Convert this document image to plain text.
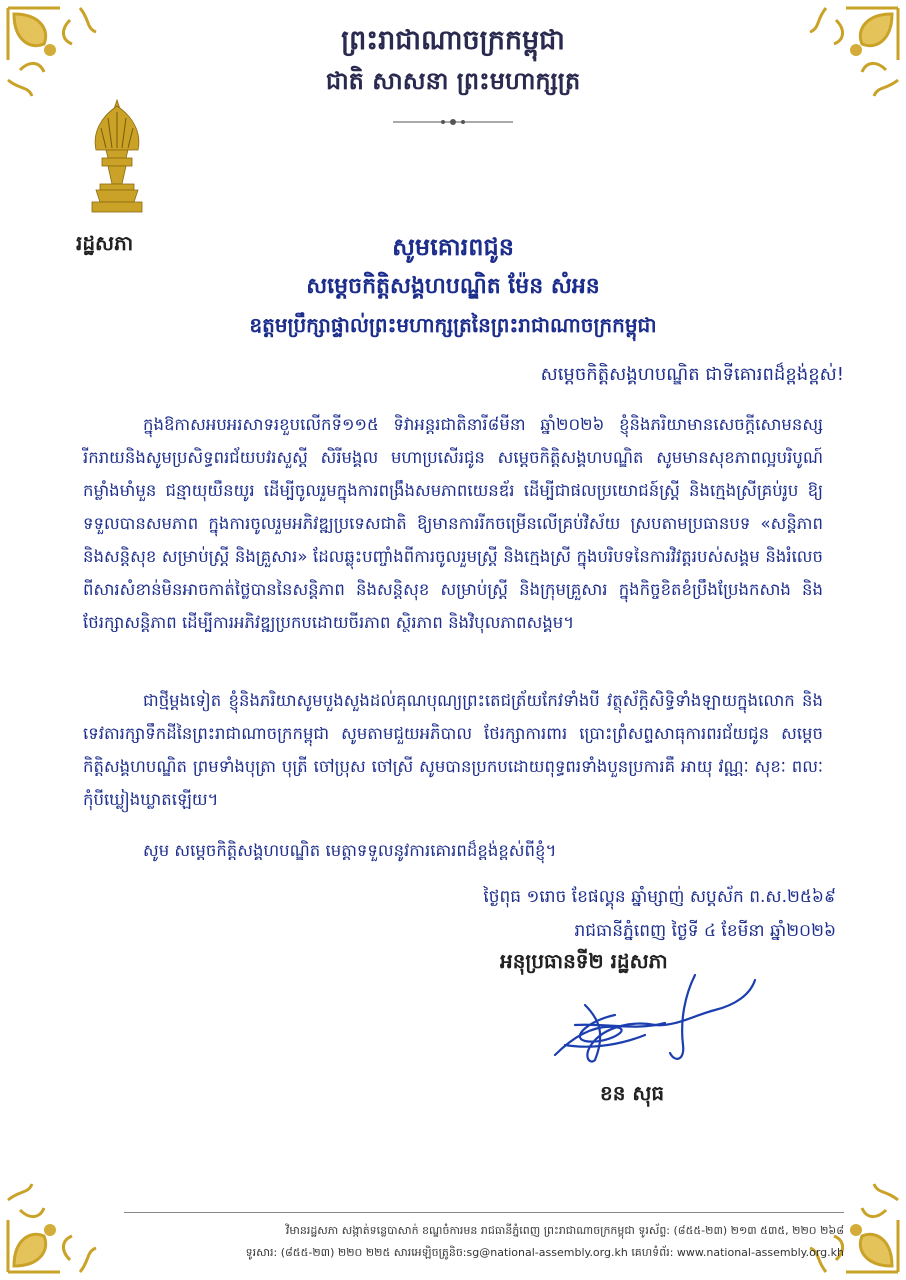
ព្រះរាជាណាចក្រកម្ពុជា
ជាតិ សាសនា ព្រះមហាក្សត្រ
រដ្ឋសភា	សូមគោរពជូន
សម្ដេចកិត្តិសង្គហបណ្ឌិត ម៉ែន សំអន
ឧត្តមប្រឹក្សាផ្ទាល់ព្រះមហាក្សត្រនៃព្រះរាជាណាចក្រកម្ពុជា
សម្ដេចកិត្តិសង្គហបណ្ឌិត ជាទីគោរពដ៏ខ្ពង់ខ្ពស់!
ក្នុងឱកាសអបអរសាទរខួបលើកទី១១៥ ទិវាអន្តរជាតិនារី៨មីនា ឆ្នាំ២០២៦ ខ្ញុំនិងភរិយាមានសេចក្ដីសោមនស្សរីករាយនិងសូមប្រសិទ្ធពរជ័យបវរសួស្ដី សិរីមង្គល មហាប្រសើរជូន សម្ដេចកិត្តិសង្គហបណ្ឌិត សូមមានសុខភាពល្អបរិបូណ៍ កម្លាំងមាំមួន ជន្មាយុយឺនយូរ ដើម្បីចូលរួមក្នុងការពង្រឹងសមភាពយេនឌ័រ ដើម្បីជាផលប្រយោជន៍ស្ត្រី និងក្មេងស្រីគ្រប់រូប ឱ្យទទួលបានសមភាព ក្នុងការចូលរួមអភិវឌ្ឍប្រទេសជាតិ ឱ្យមានការរីកចម្រើនលើគ្រប់វិស័យ ស្របតាមប្រធានបទ «សន្តិភាព និងសន្តិសុខ សម្រាប់ស្ត្រី និងគ្រួសារ» ដែលឆ្លុះបញ្ចាំងពីការចូលរួមស្ត្រី និងក្មេងស្រី ក្នុងបរិបទនៃការវិវត្តរបស់សង្គម និងរំលេចពីសារសំខាន់មិនអាចកាត់ថ្លៃបាននៃសន្តិភាព និងសន្តិសុខ សម្រាប់ស្ត្រី និងក្រុមគ្រួសារ ក្នុងកិច្ចខិតខំប្រឹងប្រែងកសាង និងថែរក្សាសន្តិភាព ដើម្បីការអភិវឌ្ឍប្រកបដោយចីរភាព ស្ថិរភាព និងវិបុលភាពសង្គម។
ជាថ្មីម្ដងទៀត ខ្ញុំនិងភរិយាសូមបួងសួងដល់គុណបុណ្យព្រះតេជត្រ័យកែវទាំងបី វត្ថុស័ក្តិសិទ្ធិទាំងឡាយក្នុងលោក និងទេវតារក្សាទឹកដីនៃព្រះរាជាណាចក្រកម្ពុជា សូមតាមជួយអភិបាល ថែរក្សាការពារ ប្រោះព្រំសព្ទសាធុការពរជ័យជូន សម្ដេចកិត្តិសង្គហបណ្ឌិត ព្រមទាំងបុត្រា បុត្រី ចៅប្រុស ចៅស្រី សូមបានប្រកបដោយពុទ្ធពរទាំងបួនប្រការគឺ អាយុ វណ្ណៈ សុខៈ ពលៈ កុំបីឃ្លៀងឃ្លាតឡើយ។
សូម សម្ដេចកិត្តិសង្គហបណ្ឌិត មេត្តាទទួលនូវការគោរពដ៏ខ្ពង់ខ្ពស់ពីខ្ញុំ។
ថ្ងៃពុធ ១រោច ខែផល្គុន ឆ្នាំម្សាញ់ សប្តស័ក ព.ស.២៥៦៩
រាជធានីភ្នំពេញ ថ្ងៃទី ៤ ខែមីនា ឆ្នាំ២០២៦
អនុប្រធានទី២ រដ្ឋសភា
ខន សុធ
វិមានរដ្ឋសភា សង្កាត់ទន្លេបាសាក់ ខណ្ឌចំការមន រាជធានីភ្នំពេញ ព្រះរាជាណាចក្រកម្ពុជា ទូរស័ព្ទ: (៨៥៥-២៣) ២១៣ ៥៣៥, ២២០ ២៦៨
ទូរសារ: (៨៥៥-២៣) ២២០ ២២៥ សារអេឡិចត្រូនិច:sg@national-assembly.org.kh គេហទំព័រ: www.national-assembly.org.kh
